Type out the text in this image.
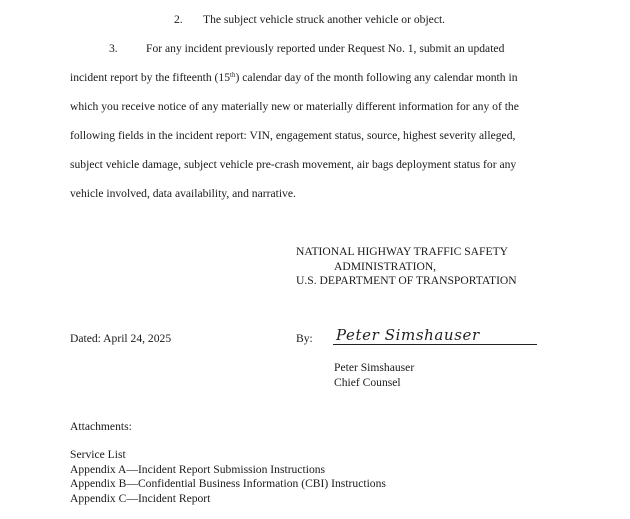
2. The subject vehicle struck another vehicle or object.
3. For any incident previously reported under Request No. 1, submit an updated
incident report by the fifteenth (15th) calendar day of the month following any calendar month in
which you receive notice of any materially new or materially different information for any of the
following fields in the incident report: VIN, engagement status, source, highest severity alleged,
subject vehicle damage, subject vehicle pre-crash movement, air bags deployment status for any
vehicle involved, data availability, and narrative.
NATIONAL HIGHWAY TRAFFIC SAFETY
ADMINISTRATION,
U.S. DEPARTMENT OF TRANSPORTATION
Dated: April 24, 2025	By: Peter Simshauser
Peter Simshauser
Chief Counsel
Attachments:
Service List
Appendix A—Incident Report Submission Instructions
Appendix B—Confidential Business Information (CBI) Instructions
Appendix C—Incident Report
